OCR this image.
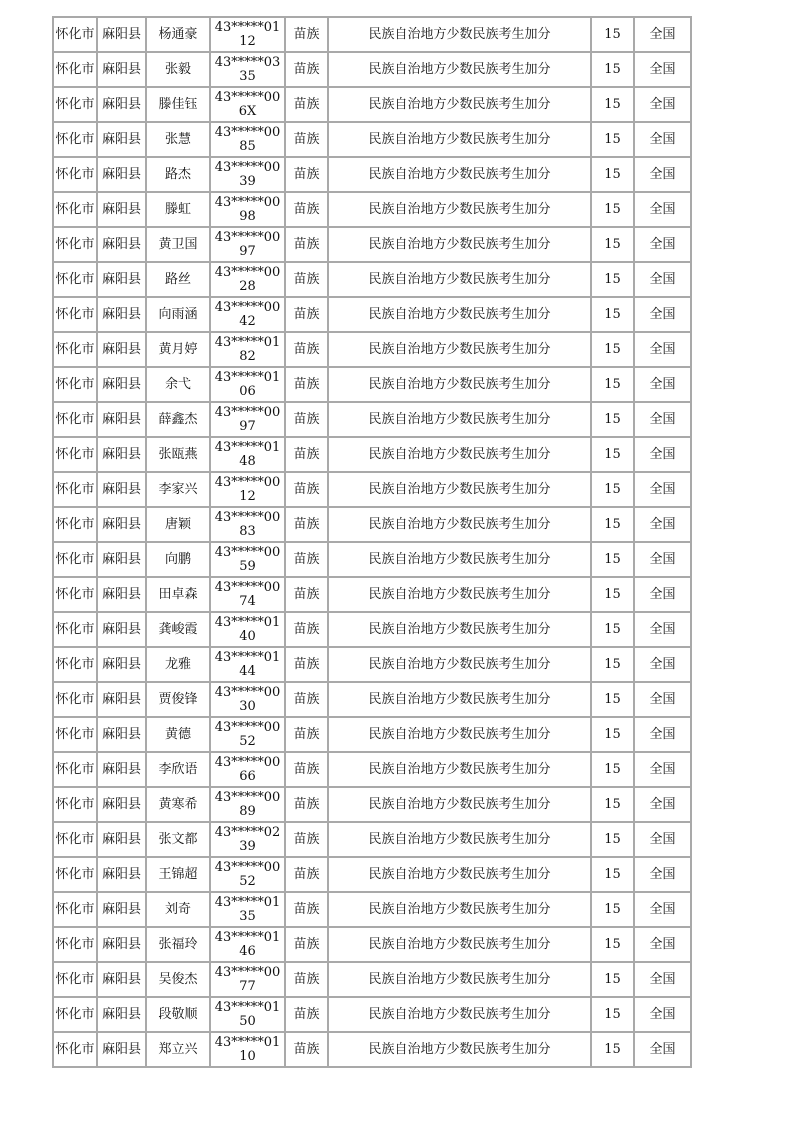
怀化市	麻阳县	杨通豪	43*****0112	苗族	民族自治地方少数民族考生加分	15	全国
怀化市	麻阳县	张毅	43*****0335	苗族	民族自治地方少数民族考生加分	15	全国
怀化市	麻阳县	滕佳钰	43*****006X	苗族	民族自治地方少数民族考生加分	15	全国
怀化市	麻阳县	张慧	43*****0085	苗族	民族自治地方少数民族考生加分	15	全国
怀化市	麻阳县	路杰	43*****0039	苗族	民族自治地方少数民族考生加分	15	全国
怀化市	麻阳县	滕虹	43*****0098	苗族	民族自治地方少数民族考生加分	15	全国
怀化市	麻阳县	黄卫国	43*****0097	苗族	民族自治地方少数民族考生加分	15	全国
怀化市	麻阳县	路丝	43*****0028	苗族	民族自治地方少数民族考生加分	15	全国
怀化市	麻阳县	向雨涵	43*****0042	苗族	民族自治地方少数民族考生加分	15	全国
怀化市	麻阳县	黄月婷	43*****0182	苗族	民族自治地方少数民族考生加分	15	全国
怀化市	麻阳县	余弋	43*****0106	苗族	民族自治地方少数民族考生加分	15	全国
怀化市	麻阳县	薛鑫杰	43*****0097	苗族	民族自治地方少数民族考生加分	15	全国
怀化市	麻阳县	张瓯燕	43*****0148	苗族	民族自治地方少数民族考生加分	15	全国
怀化市	麻阳县	李家兴	43*****0012	苗族	民族自治地方少数民族考生加分	15	全国
怀化市	麻阳县	唐颖	43*****0083	苗族	民族自治地方少数民族考生加分	15	全国
怀化市	麻阳县	向鹏	43*****0059	苗族	民族自治地方少数民族考生加分	15	全国
怀化市	麻阳县	田卓森	43*****0074	苗族	民族自治地方少数民族考生加分	15	全国
怀化市	麻阳县	龚峻霞	43*****0140	苗族	民族自治地方少数民族考生加分	15	全国
怀化市	麻阳县	龙雅	43*****0144	苗族	民族自治地方少数民族考生加分	15	全国
怀化市	麻阳县	贾俊锋	43*****0030	苗族	民族自治地方少数民族考生加分	15	全国
怀化市	麻阳县	黄德	43*****0052	苗族	民族自治地方少数民族考生加分	15	全国
怀化市	麻阳县	李欣语	43*****0066	苗族	民族自治地方少数民族考生加分	15	全国
怀化市	麻阳县	黄寒希	43*****0089	苗族	民族自治地方少数民族考生加分	15	全国
怀化市	麻阳县	张文都	43*****0239	苗族	民族自治地方少数民族考生加分	15	全国
怀化市	麻阳县	王锦超	43*****0052	苗族	民族自治地方少数民族考生加分	15	全国
怀化市	麻阳县	刘奇	43*****0135	苗族	民族自治地方少数民族考生加分	15	全国
怀化市	麻阳县	张福玲	43*****0146	苗族	民族自治地方少数民族考生加分	15	全国
怀化市	麻阳县	吴俊杰	43*****0077	苗族	民族自治地方少数民族考生加分	15	全国
怀化市	麻阳县	段敬顺	43*****0150	苗族	民族自治地方少数民族考生加分	15	全国
怀化市	麻阳县	郑立兴	43*****0110	苗族	民族自治地方少数民族考生加分	15	全国
